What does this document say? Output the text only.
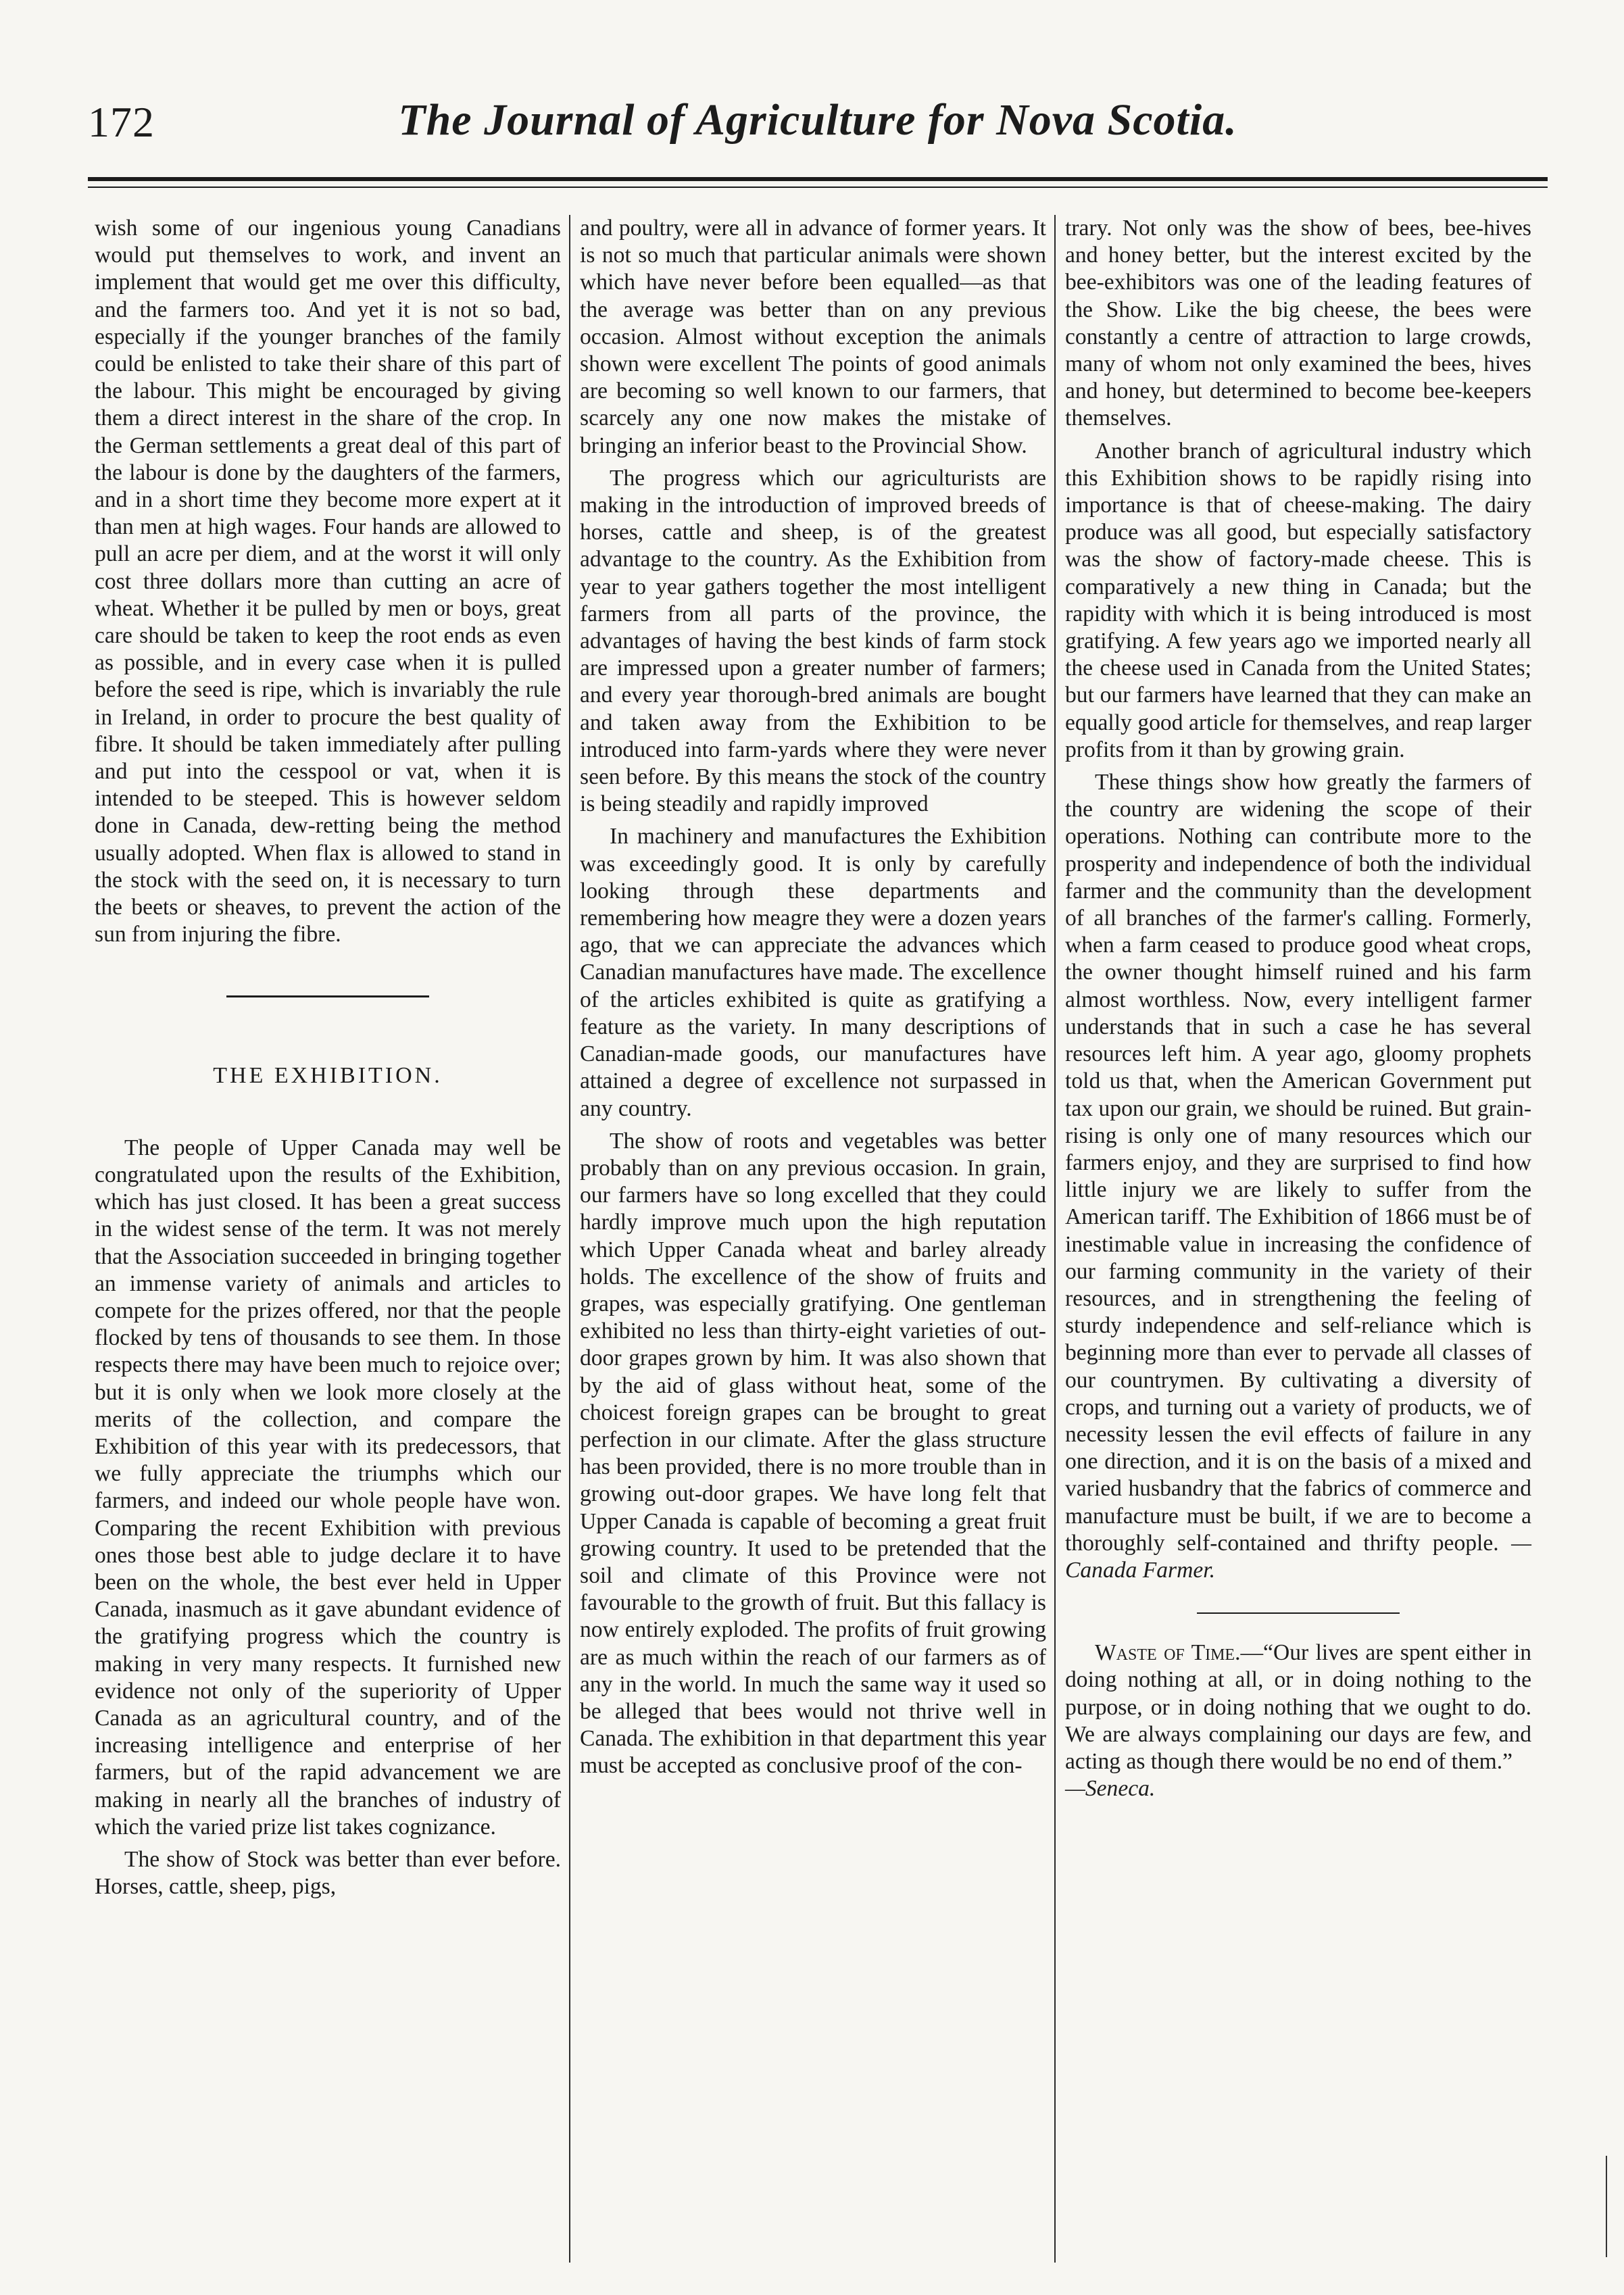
172	The Journal of Agriculture for Nova Scotia.

wish some of our ingenious young Canadians would put themselves to work, and invent an implement that would get me over this difficulty, and the farmers too. And yet it is not so bad, especially if the younger branches of the family could be enlisted to take their share of this part of the labour. This might be encouraged by giving them a direct interest in the share of the crop. In the German settlements a great deal of this part of the labour is done by the daughters of the farmers, and in a short time they become more expert at it than men at high wages. Four hands are allowed to pull an acre per diem, and at the worst it will only cost three dollars more than cutting an acre of wheat. Whether it be pulled by men or boys, great care should be taken to keep the root ends as even as possible, and in every case when it is pulled before the seed is ripe, which is invariably the rule in Ireland, in order to procure the best quality of fibre. It should be taken immediately after pulling and put into the cesspool or vat, when it is intended to be steeped. This is however seldom done in Canada, dew-retting being the method usually adopted. When flax is allowed to stand in the stock with the seed on, it is necessary to turn the beets or sheaves, to prevent the action of the sun from injuring the fibre.

THE EXHIBITION.

The people of Upper Canada may well be congratulated upon the results of the Exhibition, which has just closed. It has been a great success in the widest sense of the term. It was not merely that the Association succeeded in bringing together an immense variety of animals and articles to compete for the prizes offered, nor that the people flocked by tens of thousands to see them. In those respects there may have been much to rejoice over; but it is only when we look more closely at the merits of the collection, and compare the Exhibition of this year with its predecessors, that we fully appreciate the triumphs which our farmers, and indeed our whole people have won. Comparing the recent Exhibition with previous ones those best able to judge declare it to have been on the whole, the best ever held in Upper Canada, inasmuch as it gave abundant evidence of the gratifying progress which the country is making in very many respects. It furnished new evidence not only of the superiority of Upper Canada as an agricultural country, and of the increasing intelligence and enterprise of her farmers, but of the rapid advancement we are making in nearly all the branches of industry of which the varied prize list takes cognizance.

The show of Stock was better than ever before. Horses, cattle, sheep, pigs,

and poultry, were all in advance of former years. It is not so much that particular animals were shown which have never before been equalled—as that the average was better than on any previous occasion. Almost without exception the animals shown were excellent The points of good animals are becoming so well known to our farmers, that scarcely any one now makes the mistake of bringing an inferior beast to the Provincial Show.

The progress which our agriculturists are making in the introduction of improved breeds of horses, cattle and sheep, is of the greatest advantage to the country. As the Exhibition from year to year gathers together the most intelligent farmers from all parts of the province, the advantages of having the best kinds of farm stock are impressed upon a greater number of farmers; and every year thorough-bred animals are bought and taken away from the Exhibition to be introduced into farm-yards where they were never seen before. By this means the stock of the country is being steadily and rapidly improved

In machinery and manufactures the Exhibition was exceedingly good. It is only by carefully looking through these departments and remembering how meagre they were a dozen years ago, that we can appreciate the advances which Canadian manufactures have made. The excellence of the articles exhibited is quite as gratifying a feature as the variety. In many descriptions of Canadian-made goods, our manufactures have attained a degree of excellence not surpassed in any country.

The show of roots and vegetables was better probably than on any previous occasion. In grain, our farmers have so long excelled that they could hardly improve much upon the high reputation which Upper Canada wheat and barley already holds. The excellence of the show of fruits and grapes, was especially gratifying. One gentleman exhibited no less than thirty-eight varieties of out-door grapes grown by him. It was also shown that by the aid of glass without heat, some of the choicest foreign grapes can be brought to great perfection in our climate. After the glass structure has been provided, there is no more trouble than in growing out-door grapes. We have long felt that Upper Canada is capable of becoming a great fruit growing country. It used to be pretended that the soil and climate of this Province were not favourable to the growth of fruit. But this fallacy is now entirely exploded. The profits of fruit growing are as much within the reach of our farmers as of any in the world. In much the same way it used so be alleged that bees would not thrive well in Canada. The exhibition in that department this year must be accepted as conclusive proof of the con-

trary. Not only was the show of bees, bee-hives and honey better, but the interest excited by the bee-exhibitors was one of the leading features of the Show. Like the big cheese, the bees were constantly a centre of attraction to large crowds, many of whom not only examined the bees, hives and honey, but determined to become bee-keepers themselves.

Another branch of agricultural industry which this Exhibition shows to be rapidly rising into importance is that of cheese-making. The dairy produce was all good, but especially satisfactory was the show of factory-made cheese. This is comparatively a new thing in Canada; but the rapidity with which it is being introduced is most gratifying. A few years ago we imported nearly all the cheese used in Canada from the United States; but our farmers have learned that they can make an equally good article for themselves, and reap larger profits from it than by growing grain.

These things show how greatly the farmers of the country are widening the scope of their operations. Nothing can contribute more to the prosperity and independence of both the individual farmer and the community than the development of all branches of the farmer's calling. Formerly, when a farm ceased to produce good wheat crops, the owner thought himself ruined and his farm almost worthless. Now, every intelligent farmer understands that in such a case he has several resources left him. A year ago, gloomy prophets told us that, when the American Government put tax upon our grain, we should be ruined. But grain-rising is only one of many resources which our farmers enjoy, and they are surprised to find how little injury we are likely to suffer from the American tariff. The Exhibition of 1866 must be of inestimable value in increasing the confidence of our farming community in the variety of their resources, and in strengthening the feeling of sturdy independence and self-reliance which is beginning more than ever to pervade all classes of our countrymen. By cultivating a diversity of crops, and turning out a variety of products, we of necessity lessen the evil effects of failure in any one direction, and it is on the basis of a mixed and varied husbandry that the fabrics of commerce and manufacture must be built, if we are to become a thoroughly self-contained and thrifty people. — Canada Farmer.

Waste of Time.—“Our lives are spent either in doing nothing at all, or in doing nothing to the purpose, or in doing nothing that we ought to do. We are always complaining our days are few, and acting as though there would be no end of them.”
—Seneca.
